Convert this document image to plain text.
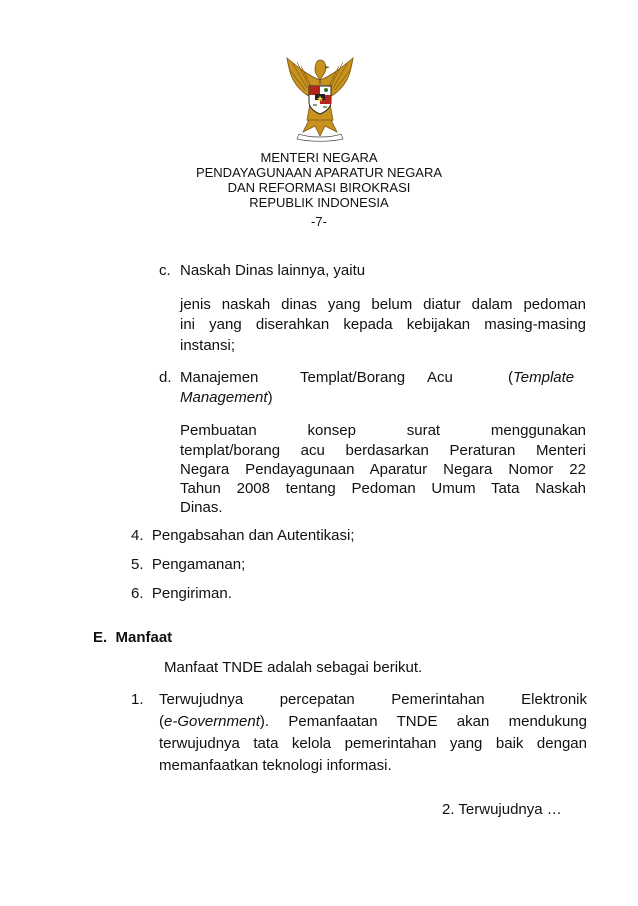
MENTERI NEGARA
PENDAYAGUNAAN APARATUR NEGARA
DAN REFORMASI BIROKRASI
REPUBLIK INDONESIA
-7-
c. Naskah Dinas lainnya, yaitu
jenis naskah dinas yang belum diatur dalam pedoman
ini yang diserahkan kepada kebijakan masing-masing
instansi;
d. Manajemen	Templat/Borang Acu	(Template
Management)
Pembuatan konsep surat menggunakan
templat/borang acu berdasarkan Peraturan Menteri
Negara Pendayagunaan Aparatur Negara Nomor 22
Tahun 2008 tentang Pedoman Umum Tata Naskah
Dinas.
4.  Pengabsahan dan Autentikasi;
5.  Pengamanan;
6.  Pengiriman.
E.  Manfaat
Manfaat TNDE adalah sebagai berikut.
1. Terwujudnya percepatan Pemerintahan Elektronik
(e-Government). Pemanfaatan TNDE akan mendukung
terwujudnya tata kelola pemerintahan yang baik dengan
memanfaatkan teknologi informasi.
2. Terwujudnya …
